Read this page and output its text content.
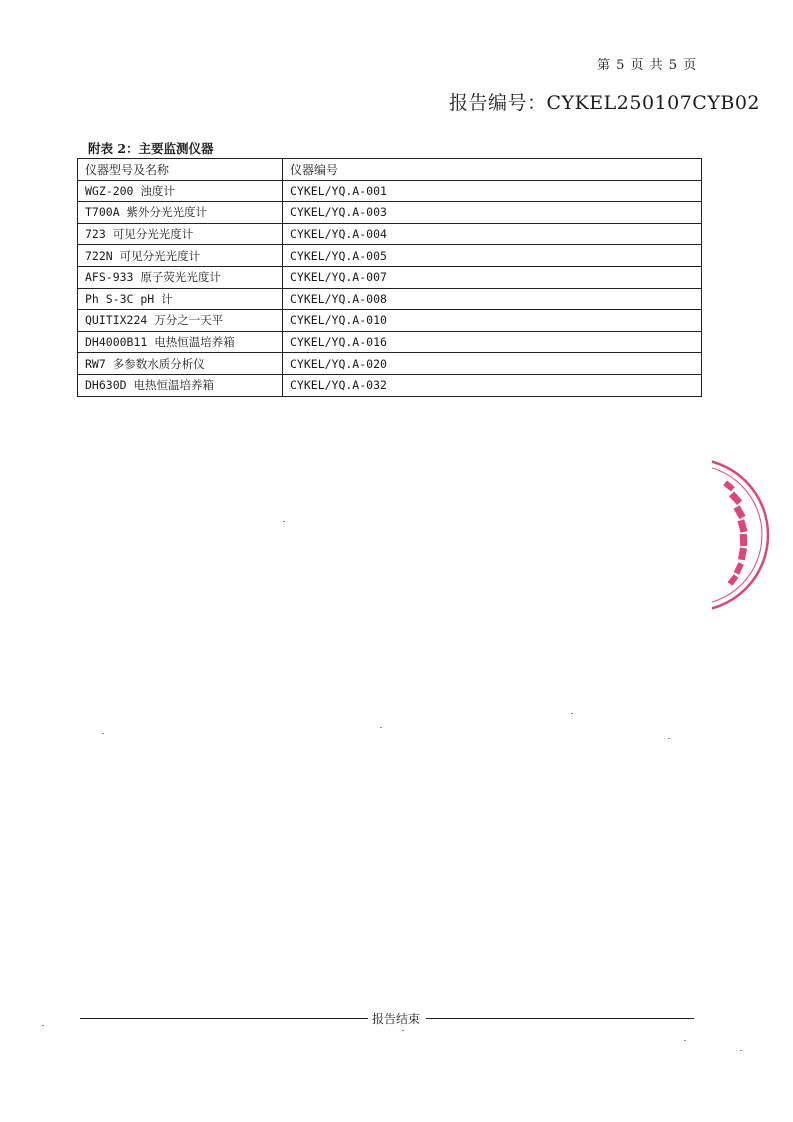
第 5 页 共 5 页
报告编号：CYKEL250107CYB02
附表 2：主要监测仪器
仪器型号及名称	仪器编号
WGZ-200 浊度计	CYKEL/YQ.A-001
T700A 紫外分光光度计	CYKEL/YQ.A-003
723 可见分光光度计	CYKEL/YQ.A-004
722N 可见分光光度计	CYKEL/YQ.A-005
AFS-933 原子荧光光度计	CYKEL/YQ.A-007
Ph S-3C pH 计	CYKEL/YQ.A-008
QUITIX224 万分之一天平	CYKEL/YQ.A-010
DH4000B11 电热恒温培养箱	CYKEL/YQ.A-016
RW7 多参数水质分析仪	CYKEL/YQ.A-020
DH630D 电热恒温培养箱	CYKEL/YQ.A-032
报告结束
